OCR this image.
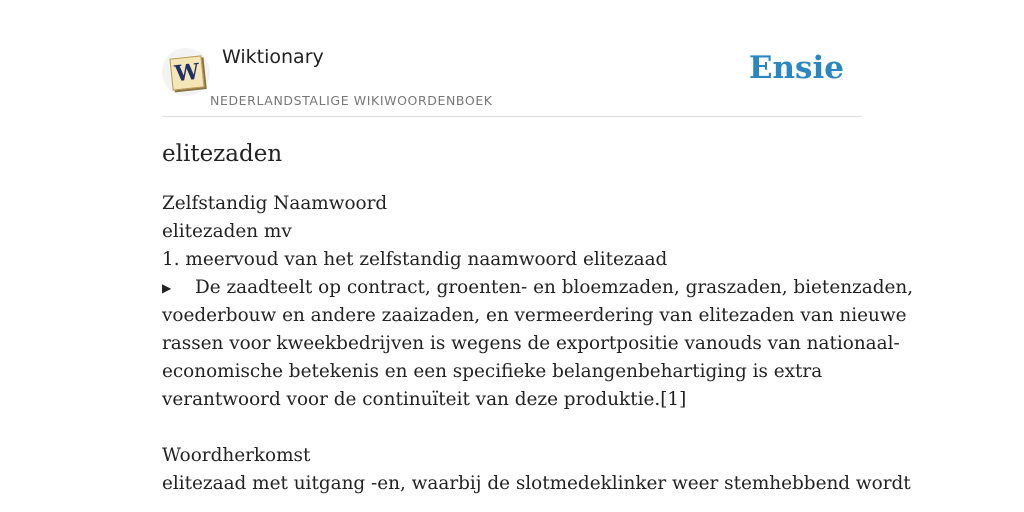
W
Wiktionary
NEDERLANDSTALIGE WIKIWOORDENBOEK
Ensie
elitezaden
Zelfstandig Naamwoord
elitezaden mv
1. meervoud van het zelfstandig naamwoord elitezaad
▶ De zaadteelt op contract, groenten- en bloemzaden, graszaden, bietenzaden,
voederbouw en andere zaaizaden, en vermeerdering van elitezaden van nieuwe
rassen voor kweekbedrijven is wegens de exportpositie vanouds van nationaal-
economische betekenis en een specifieke belangenbehartiging is extra
verantwoord voor de continuïteit van deze produktie.[1]
Woordherkomst
elitezaad met uitgang -en, waarbij de slotmedeklinker weer stemhebbend wordt
